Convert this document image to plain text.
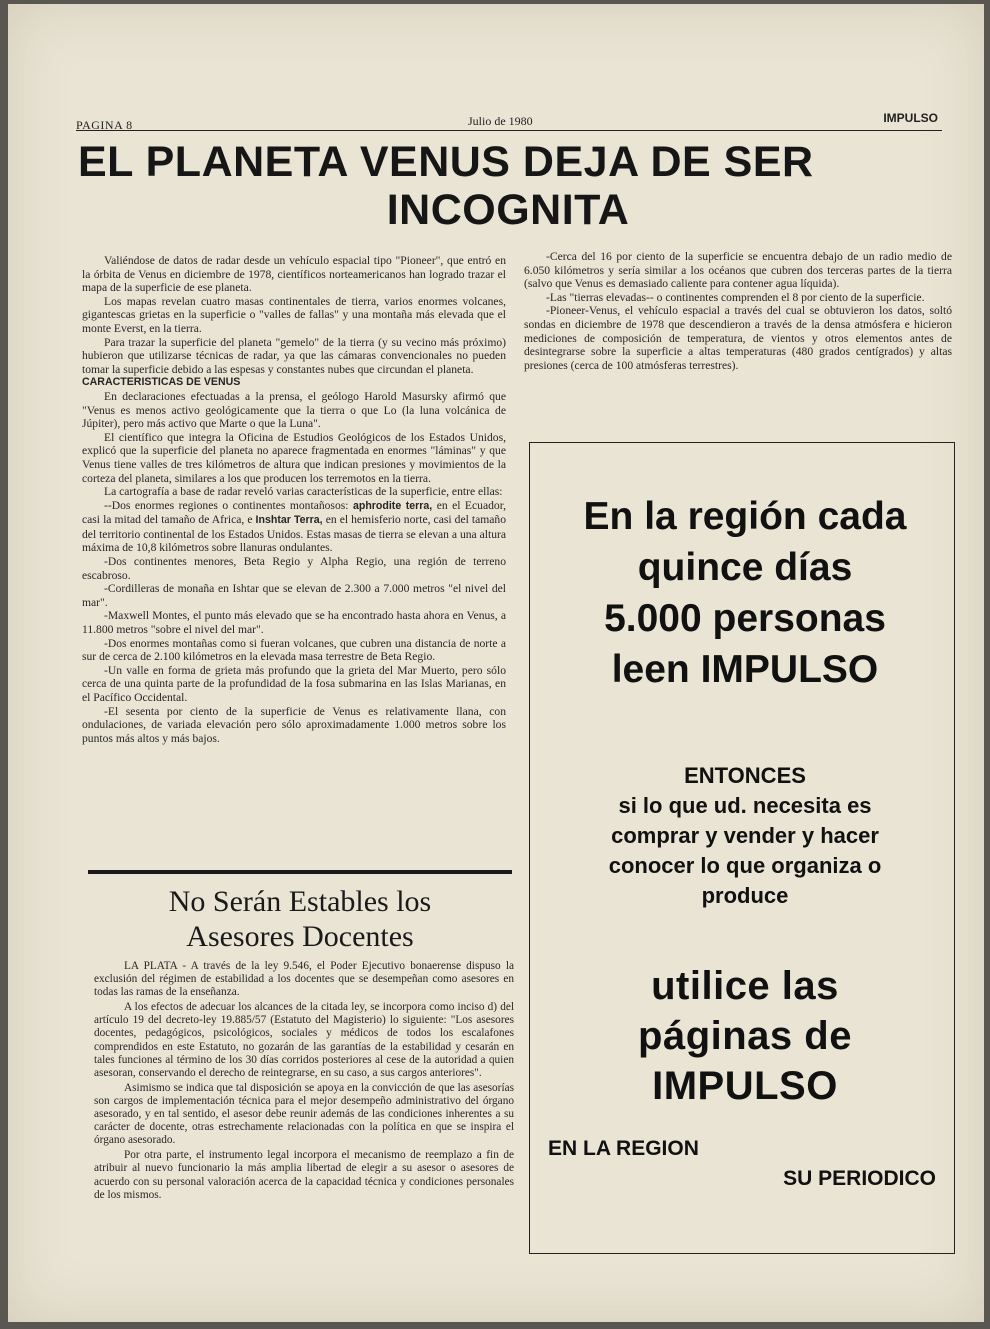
PAGINA 8	Julio de 1980	IMPULSO
EL PLANETA VENUS DEJA DE SER
INCOGNITA

Valiéndose de datos de radar desde un vehículo espacial tipo "Pioneer", que entró en la órbita de Venus en diciembre de 1978, científicos norteamericanos han logrado trazar el mapa de la superficie de ese planeta.

Los mapas revelan cuatro masas continentales de tierra, varios enormes volcanes, gigantescas grietas en la superficie o "valles de fallas" y una montaña más elevada que el monte Everst, en la tierra.

Para trazar la superficie del planeta "gemelo" de la tierra (y su vecino más próximo) hubieron que utilizarse técnicas de radar, ya que las cámaras convencionales no pueden tomar la superficie debido a las espesas y constantes nubes que circundan el planeta.

CARACTERISTICAS DE VENUS

En declaraciones efectuadas a la prensa, el geólogo Harold Masursky afirmó que "Venus es menos activo geológicamente que la tierra o que Lo (la luna volcánica de Júpiter), pero más activo que Marte o que la Luna".

El científico que integra la Oficina de Estudios Geológicos de los Estados Unidos, explicó que la superficie del planeta no aparece fragmentada en enormes "láminas" y que Venus tiene valles de tres kilómetros de altura que indican presiones y movimientos de la corteza del planeta, similares a los que producen los terremotos en la tierra.

La cartografía a base de radar reveló varias características de la superficie, entre ellas:

--Dos enormes regiones o continentes montañosos: aphrodite terra, en el Ecuador, casi la mitad del tamaño de Africa, e Inshtar Terra, en el hemisferio norte, casi del tamaño del territorio continental de los Estados Unidos. Estas masas de tierra se elevan a una altura máxima de 10,8 kilómetros sobre llanuras ondulantes.

-Dos continentes menores, Beta Regio y Alpha Regio, una región de terreno escabroso.

-Cordilleras de monaña en Ishtar que se elevan de 2.300 a 7.000 metros "el nivel del mar".

-Maxwell Montes, el punto más elevado que se ha encontrado hasta ahora en Venus, a 11.800 metros "sobre el nivel del mar".

-Dos enormes montañas como si fueran volcanes, que cubren una distancia de norte a sur de cerca de 2.100 kilómetros en la elevada masa terrestre de Beta Regio.

-Un valle en forma de grieta más profundo que la grieta del Mar Muerto, pero sólo cerca de una quinta parte de la profundidad de la fosa submarina en las Islas Marianas, en el Pacífico Occidental.

-El sesenta por ciento de la superficie de Venus es relativamente llana, con ondulaciones, de variada elevación pero sólo aproximadamente 1.000 metros sobre los puntos más altos y más bajos.

-Cerca del 16 por ciento de la superficie se encuentra debajo de un radio medio de 6.050 kilómetros y sería similar a los océanos que cubren dos terceras partes de la tierra (salvo que Venus es demasiado caliente para contener agua líquida).

-Las "tierras elevadas-- o continentes comprenden el 8 por ciento de la superficie.

-Pioneer-Venus, el vehículo espacial a través del cual se obtuvieron los datos, soltó sondas en diciembre de 1978 que descendieron a través de la densa atmósfera e hicieron mediciones de composición de temperatura, de vientos y otros elementos antes de desintegrarse sobre la superficie a altas temperaturas (480 grados centígrados) y altas presiones (cerca de 100 atmósferas terrestres).

No Serán Estables los
Asesores Docentes

LA PLATA - A través de la ley 9.546, el Poder Ejecutivo bonaerense dispuso la exclusión del régimen de estabilidad a los docentes que se desempeñan como asesores en todas las ramas de la enseñanza.

A los efectos de adecuar los alcances de la citada ley, se incorpora como inciso d) del artículo 19 del decreto-ley 19.885/57 (Estatuto del Magisterio) lo siguiente: "Los asesores docentes, pedagógicos, psicológicos, sociales y médicos de todos los escalafones comprendidos en este Estatuto, no gozarán de las garantías de la estabilidad y cesarán en tales funciones al término de los 30 días corridos posteriores al cese de la autoridad a quien asesoran, conservando el derecho de reintegrarse, en su caso, a sus cargos anteriores".

Asimismo se indica que tal disposición se apoya en la convicción de que las asesorías son cargos de implementación técnica para el mejor desempeño administrativo del órgano asesorado, y en tal sentido, el asesor debe reunir además de las condiciones inherentes a su carácter de docente, otras estrechamente relacionadas con la política en que se inspira el órgano asesorado.

Por otra parte, el instrumento legal incorpora el mecanismo de reemplazo a fin de atribuir al nuevo funcionario la más amplia libertad de elegir a su asesor o asesores de acuerdo con su personal valoración acerca de la capacidad técnica y condiciones personales de los mismos.

En la región cada
quince días
5.000 personas
leen IMPULSO
ENTONCES
si lo que ud. necesita es
comprar y vender y hacer
conocer lo que organiza o
produce
utilice las
páginas de
IMPULSO
EN LA REGION
SU PERIODICO
